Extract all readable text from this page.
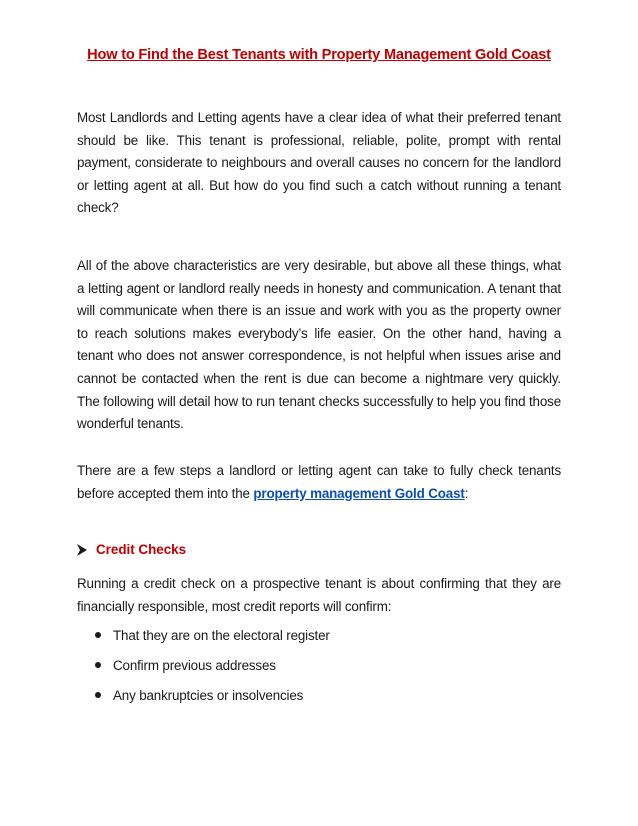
How to Find the Best Tenants with Property Management Gold Coast

Most Landlords and Letting agents have a clear idea of what their preferred tenant should be like. This tenant is professional, reliable, polite, prompt with rental payment, considerate to neighbours and overall causes no concern for the landlord or letting agent at all. But how do you find such a catch without running a tenant check?

All of the above characteristics are very desirable, but above all these things, what a letting agent or landlord really needs in honesty and communication. A tenant that will communicate when there is an issue and work with you as the property owner to reach solutions makes everybody’s life easier. On the other hand, having a tenant who does not answer correspondence, is not helpful when issues arise and cannot be contacted when the rent is due can become a nightmare very quickly. The following will detail how to run tenant checks successfully to help you find those wonderful tenants.

There are a few steps a landlord or letting agent can take to fully check tenants before accepted them into the property management Gold Coast:

Credit Checks

Running a credit check on a prospective tenant is about confirming that they are financially responsible, most credit reports will confirm:

That they are on the electoral register
Confirm previous addresses
Any bankruptcies or insolvencies
